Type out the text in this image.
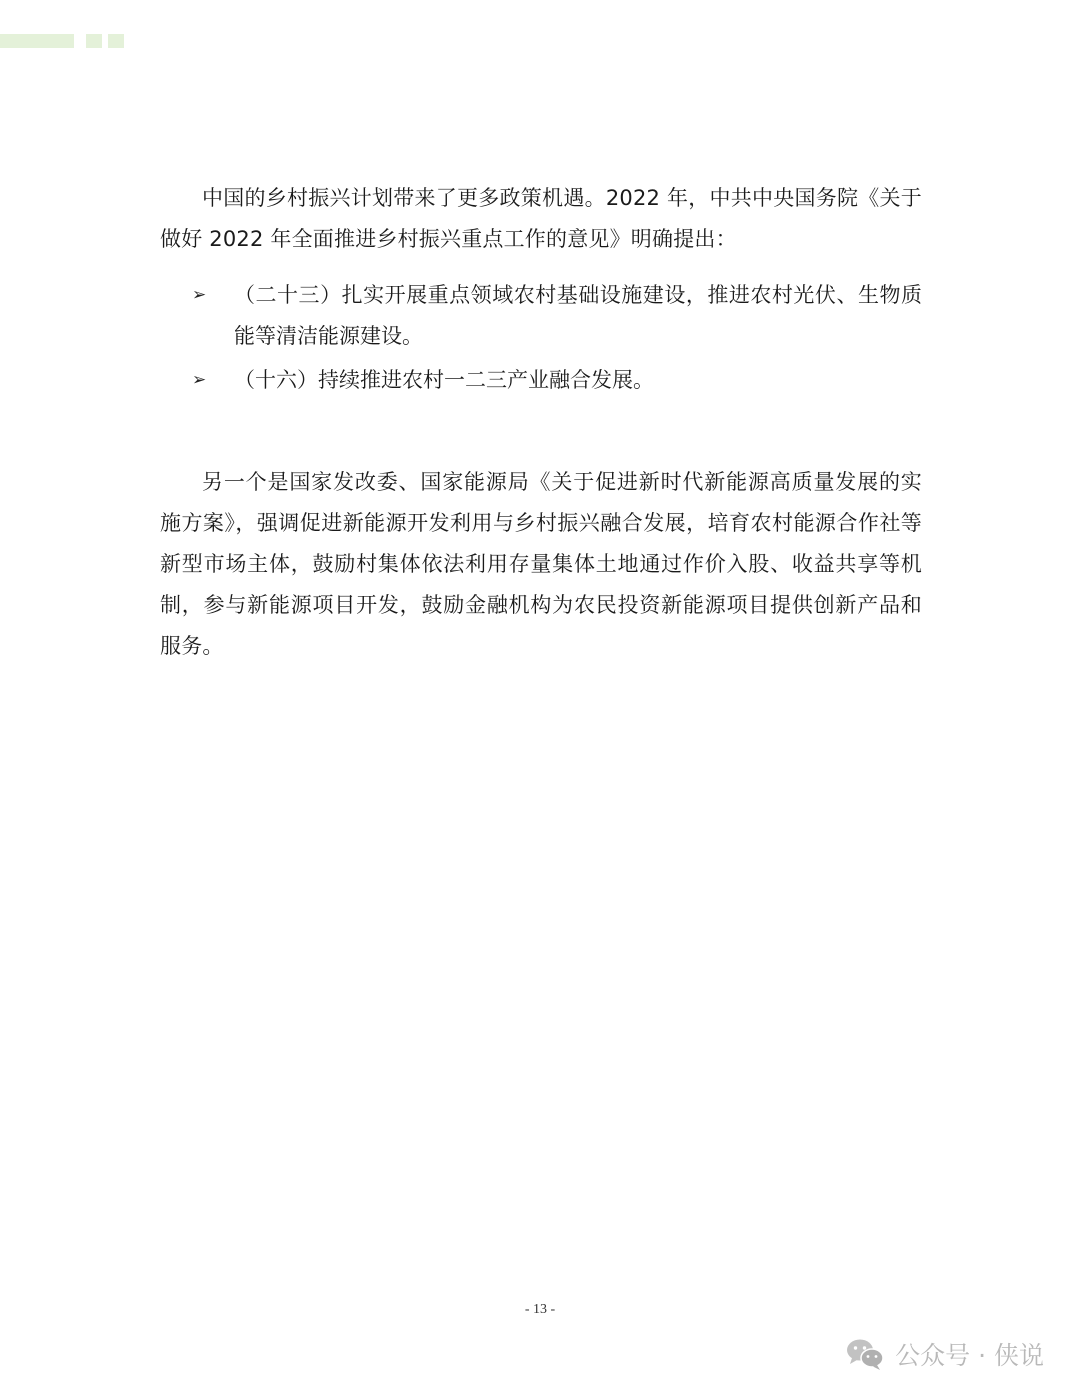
中国的乡村振兴计划带来了更多政策机遇。2022 年，中共中央国务院《关于做好 2022 年全面推进乡村振兴重点工作的意见》明确提出：

➢ （二十三）扎实开展重点领域农村基础设施建设，推进农村光伏、生物质能等清洁能源建设。
➢ （十六）持续推进农村一二三产业融合发展。

另一个是国家发改委、国家能源局《关于促进新时代新能源高质量发展的实施方案》，强调促进新能源开发利用与乡村振兴融合发展，培育农村能源合作社等新型市场主体，鼓励村集体依法利用存量集体土地通过作价入股、收益共享等机制，参与新能源项目开发，鼓励金融机构为农民投资新能源项目提供创新产品和服务。

- 13 -
公众号 · 侠说
